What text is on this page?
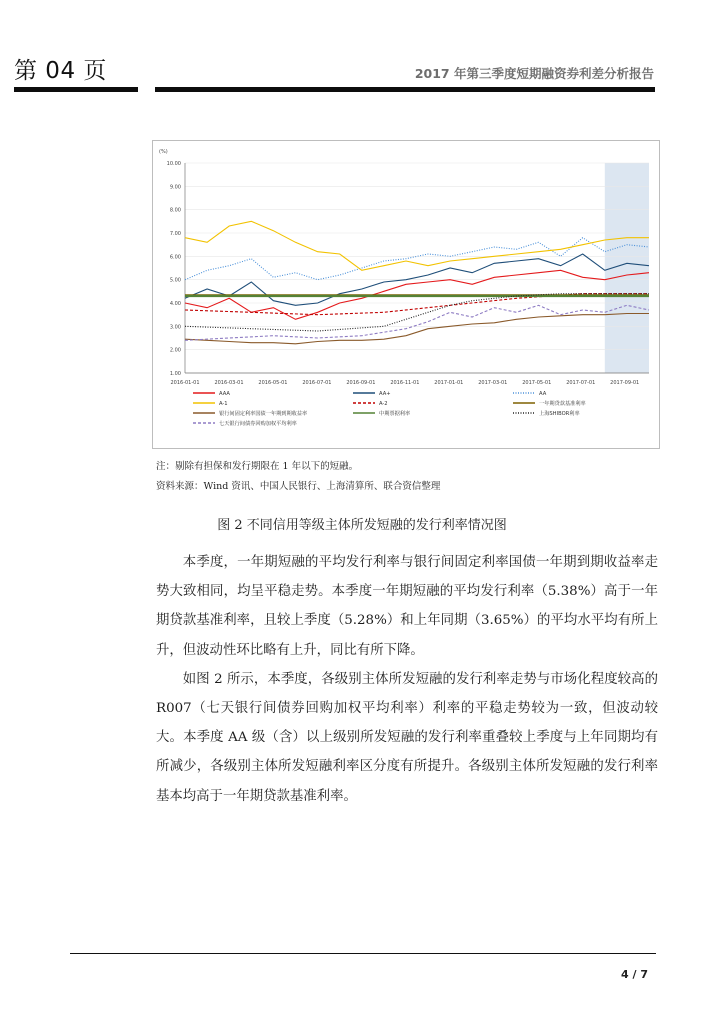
第 04 页	2017 年第三季度短期融资券利差分析报告
10.00
9.00
8.00
7.00
6.00
5.00
4.00
3.00
2.00
1.00
(%)
2016-01-01	2016-03-01	2016-05-01	2016-07-01	2016-09-01	2016-11-01	2017-01-01	2017-03-01	2017-05-01	2017-07-01	2017-09-01
AAA	AA+	AA
A-1	A-2	一年期贷款基准利率
银行间固定利率国债一年期到期收益率	中期票据利率	上海SHIBOR利率
七天银行间债券回购加权平均利率
注：剔除有担保和发行期限在 1 年以下的短融。
资料来源：Wind 资讯、中国人民银行、上海清算所、联合资信整理
图 2 不同信用等级主体所发短融的发行利率情况图

本季度，一年期短融的平均发行利率与银行间固定利率国债一年期到期收益率走势大致相同，均呈平稳走势。本季度一年期短融的平均发行利率（5.38%）高于一年期贷款基准利率，且较上季度（5.28%）和上年同期（3.65%）的平均水平均有所上升，但波动性环比略有上升，同比有所下降。

如图 2 所示，本季度，各级别主体所发短融的发行利率走势与市场化程度较高的 R007（七天银行间债券回购加权平均利率）利率的平稳走势较为一致，但波动较大。本季度 AA 级（含）以上级别所发短融的发行利率重叠较上季度与上年同期均有所减少，各级别主体所发短融利率区分度有所提升。各级别主体所发短融的发行利率基本均高于一年期贷款基准利率。

4 / 7
